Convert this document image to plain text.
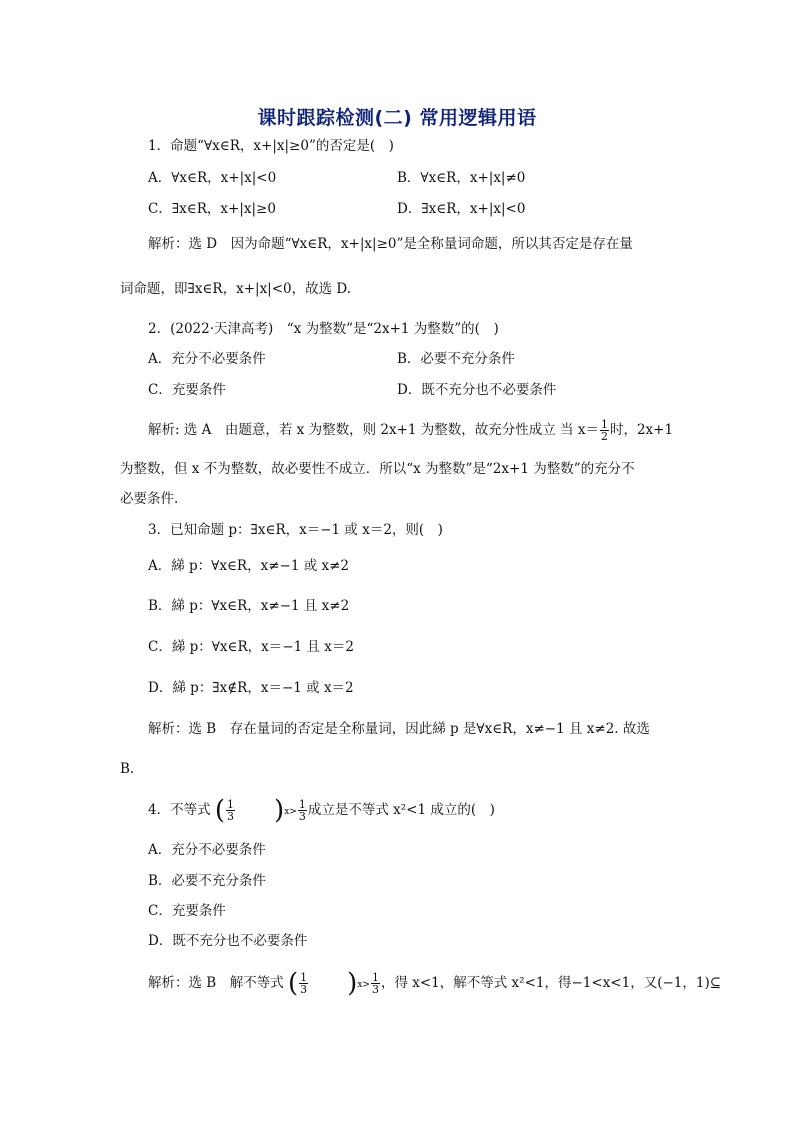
课时跟踪检测(二) 常用逻辑用语
1．命题“∀x∈R，x+|x|≥0”的否定是(　)
A．∀x∈R，x+|x|<0	B．∀x∈R，x+|x|≠0
C．∃x∈R，x+|x|≥0	D．∃x∈R，x+|x|<0
解析：选 D　因为命题“∀x∈R，x+|x|≥0”是全称量词命题，所以其否定是存在量
词命题，即∃x∈R，x+|x|<0，故选 D.
2．(2022·天津高考)　“x 为整数”是“2x+1 为整数”的(　)
A．充分不必要条件	B．必要不充分条件
C．充要条件	D．既不充分也不必要条件
解析: 选 A　由题意，若 x 为整数，则 2x+1 为整数，故充分性成立 当 $x= \frac{1}{2}$ 时，2x+1
为整数，但 x 不为整数，故必要性不成立．所以“x 为整数”是“2x+1 为整数”的充分不
必要条件.
3．已知命题 p：∃x∈R，x＝−1 或 x＝2，则(　)
A．綈 p：∀x∈R，x≠−1 或 x≠2
B．綈 p：∀x∈R，x≠−1 且 x≠2
C．綈 p：∀x∈R，x＝−1 且 x＝2
D．綈 p：∃x∉R，x＝−1 或 x＝2
解析：选 B　存在量词的否定是全称量词，因此綈 p 是∀x∈R，x≠−1 且 x≠2. 故选
B.
4．不等式 ( $\frac{1}{3} )x> \frac{1}{3}$ 成立是不等式 x²<1 成立的(　)
A．充分不必要条件
B．必要不充分条件
C．充要条件
D．既不充分也不必要条件
解析：选 B　解不等式 ( $\frac{1}{3} )x> \frac{1}{3}$ ，得 x<1，解不等式 x²<1，得−1<x<1，又(−1，1)⊆
